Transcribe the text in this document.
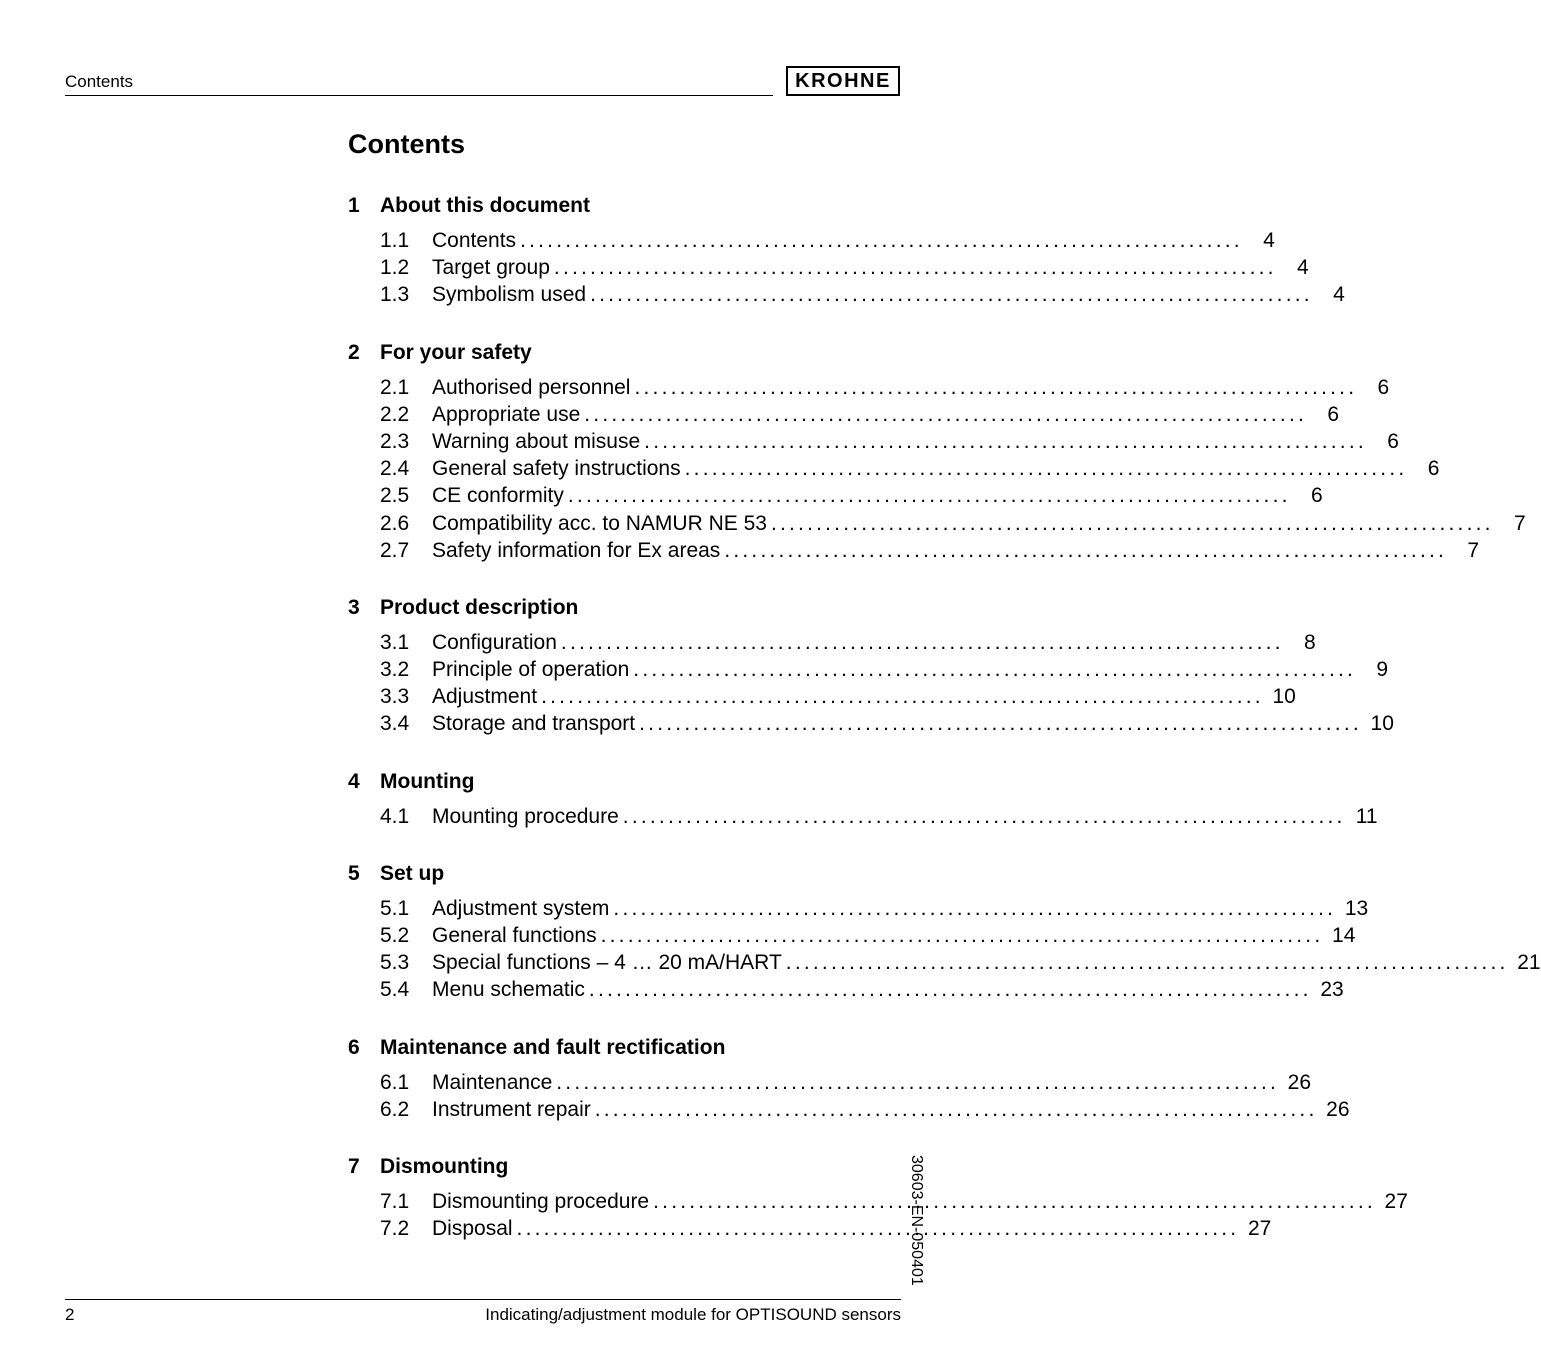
Contents	KROHNE
Contents
1 About this document
1.1	Contents ................................................................................ 4
1.2	Target group ................................................................................ 4
1.3	Symbolism used ................................................................................ 4
2 For your safety
2.1	Authorised personnel ................................................................................ 6
2.2	Appropriate use ................................................................................ 6
2.3	Warning about misuse ................................................................................ 6
2.4	General safety instructions ................................................................................ 6
2.5	CE conformity ................................................................................ 6
2.6	Compatibility acc. to NAMUR NE 53 ................................................................................ 7
2.7	Safety information for Ex areas ................................................................................ 7
3 Product description
3.1	Configuration ................................................................................ 8
3.2	Principle of operation ................................................................................ 9
3.3	Adjustment ................................................................................ 10
3.4	Storage and transport ................................................................................ 10
4 Mounting
4.1	Mounting procedure ................................................................................ 11
5 Set up
5.1	Adjustment system ................................................................................ 13
5.2	General functions ................................................................................ 14
5.3	Special functions – 4 … 20 mA/HART ................................................................................ 21
5.4	Menu schematic ................................................................................ 23
6 Maintenance and fault rectification
6.1	Maintenance ................................................................................ 26
6.2	Instrument repair ................................................................................ 26
7 Dismounting
7.1	Dismounting procedure ................................................................................ 27
7.2	Disposal ................................................................................ 27
30603-EN-050401
2	Indicating/adjustment module for OPTISOUND sensors
